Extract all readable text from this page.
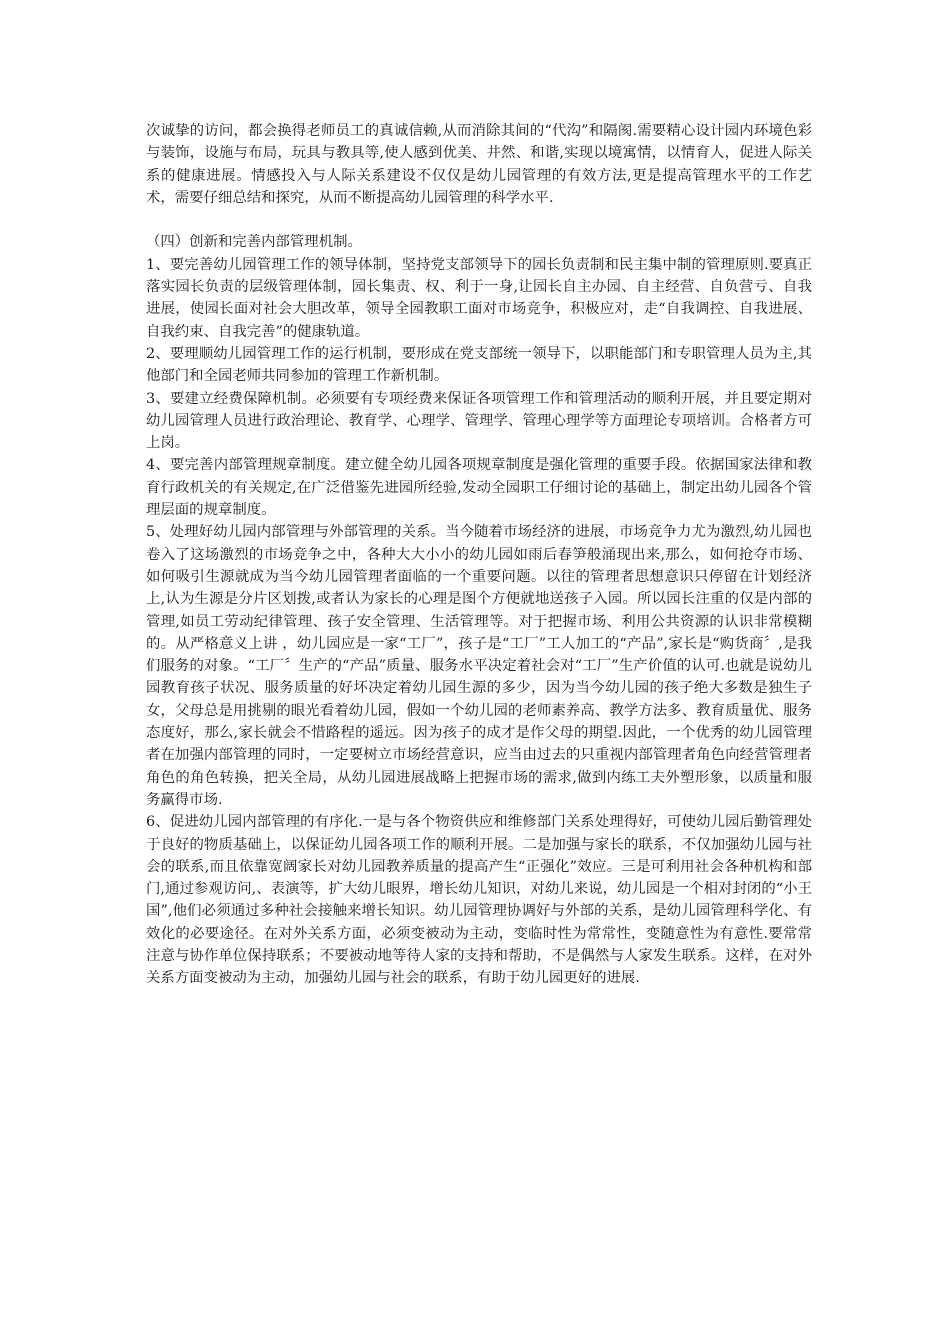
次诚挚的访问，都会换得老师员工的真诚信赖,从而消除其间的“代沟”和隔阂.需要精心设计园内环境色彩与装饰，设施与布局，玩具与教具等,使人感到优美、井然、和谐,实现以境寓情，以情育人，促进人际关系的健康进展。情感投入与人际关系建设不仅仅是幼儿园管理的有效方法,更是提高管理水平的工作艺术，需要仔细总结和探究，从而不断提高幼儿园管理的科学水平.

（四）创新和完善内部管理机制。

1、要完善幼儿园管理工作的领导体制，坚持党支部领导下的园长负责制和民主集中制的管理原则.要真正落实园长负责的层级管理体制，园长集责、权、利于一身,让园长自主办园、自主经营、自负营亏、自我进展，使园长面对社会大胆改革，领导全园教职工面对市场竞争，积极应对，走“自我调控、自我进展、自我约束、自我完善”的健康轨道。

2、要理顺幼儿园管理工作的运行机制，要形成在党支部统一领导下，以职能部门和专职管理人员为主,其他部门和全园老师共同参加的管理工作新机制。

3、要建立经费保障机制。必须要有专项经费来保证各项管理工作和管理活动的顺利开展，并且要定期对幼儿园管理人员进行政治理论、教育学、心理学、管理学、管理心理学等方面理论专项培训。合格者方可上岗。

4、要完善内部管理规章制度。建立健全幼儿园各项规章制度是强化管理的重要手段。依据国家法律和教育行政机关的有关规定,在广泛借鉴先进园所经验,发动全园职工仔细讨论的基础上，制定出幼儿园各个管理层面的规章制度。

5、处理好幼儿园内部管理与外部管理的关系。当今随着市场经济的进展，市场竞争力尤为激烈,幼儿园也卷入了这场激烈的市场竞争之中，各种大大小小的幼儿园如雨后春笋般涌现出来,那么，如何抢夺市场、如何吸引生源就成为当今幼儿园管理者面临的一个重要问题。以往的管理者思想意识只停留在计划经济上,认为生源是分片区划拨,或者认为家长的心理是图个方便就地送孩子入园。所以园长注重的仅是内部的管理,如员工劳动纪律管理、孩子安全管理、生活管理等。对于把握市场、利用公共资源的认识非常模糊的。从严格意义上讲 ，幼儿园应是一家“工厂”，孩子是“工厂”工人加工的“产品”,家长是“购货商〞,是我们服务的对象。“工厂〞生产的“产品”质量、服务水平决定着社会对“工厂”生产价值的认可.也就是说幼儿园教育孩子状况、服务质量的好坏决定着幼儿园生源的多少，因为当今幼儿园的孩子绝大多数是独生子女，父母总是用挑剔的眼光看着幼儿园，假如一个幼儿园的老师素养高、教学方法多、教育质量优、服务态度好，那么,家长就会不惜路程的遥远。因为孩子的成才是作父母的期望.因此，一个优秀的幼儿园管理者在加强内部管理的同时，一定要树立市场经营意识，应当由过去的只重视内部管理者角色向经营管理者角色的角色转换，把关全局，从幼儿园进展战略上把握市场的需求,做到内练工夫外塑形象，以质量和服务赢得市场.

6、促进幼儿园内部管理的有序化.一是与各个物资供应和维修部门关系处理得好，可使幼儿园后勤管理处于良好的物质基础上，以保证幼儿园各项工作的顺利开展。二是加强与家长的联系，不仅加强幼儿园与社会的联系,而且依靠宽阔家长对幼儿园教养质量的提高产生“正强化”效应。三是可利用社会各种机构和部门,通过参观访问,、表演等，扩大幼儿眼界，增长幼儿知识，对幼儿来说，幼儿园是一个相对封闭的“小王国”,他们必须通过多种社会接触来增长知识。幼儿园管理协调好与外部的关系，是幼儿园管理科学化、有效化的必要途径。在对外关系方面，必须变被动为主动，变临时性为常常性，变随意性为有意性.要常常注意与协作单位保持联系；不要被动地等待人家的支持和帮助，不是偶然与人家发生联系。这样，在对外关系方面变被动为主动，加强幼儿园与社会的联系，有助于幼儿园更好的进展.
